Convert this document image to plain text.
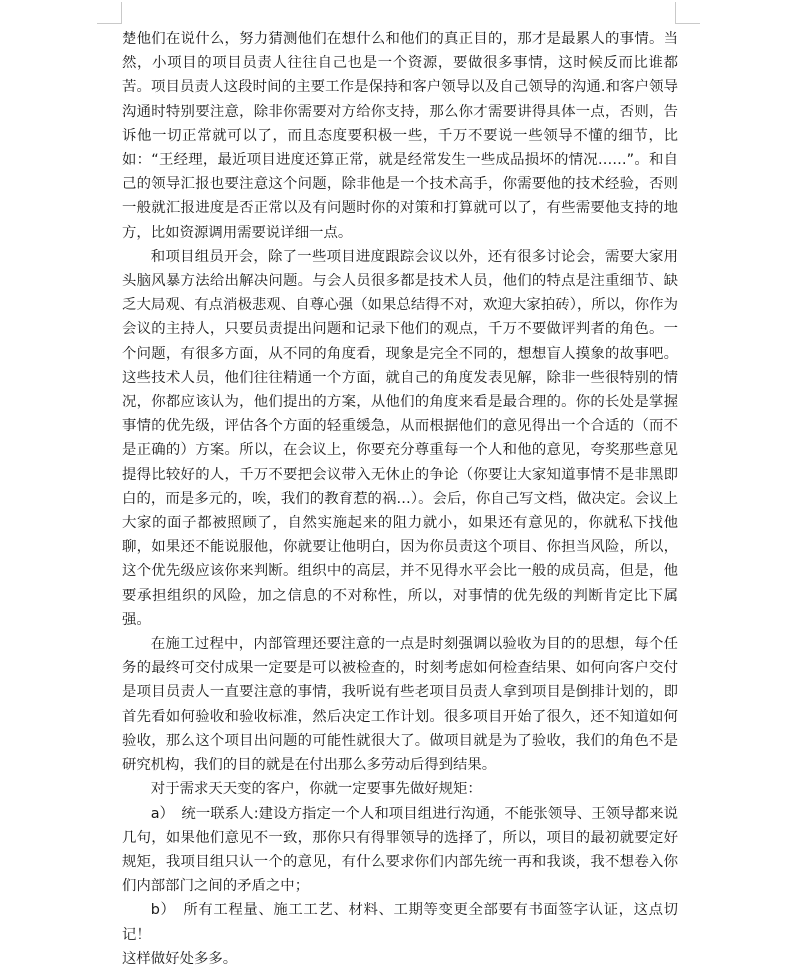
楚他们在说什么，努力猜测他们在想什么和他们的真正目的，那才是最累人的事情。当然，小项目的项目员责人往往自己也是一个资源，要做很多事情，这时候反而比谁都苦。项目员责人这段时间的主要工作是保持和客户领导以及自己领导的沟通.和客户领导沟通时特别要注意，除非你需要对方给你支持，那么你才需要讲得具体一点，否则，告诉他一切正常就可以了，而且态度要积极一些，千万不要说一些领导不懂的细节，比如：“王经理，最近项目进度还算正常，就是经常发生一些成品损坏的情况……”。和自己的领导汇报也要注意这个问题，除非他是一个技术高手，你需要他的技术经验，否则一般就汇报进度是否正常以及有问题时你的对策和打算就可以了，有些需要他支持的地方，比如资源调用需要说详细一点。

和项目组员开会，除了一些项目进度跟踪会议以外，还有很多讨论会，需要大家用头脑风暴方法给出解决问题。与会人员很多都是技术人员，他们的特点是注重细节、缺乏大局观、有点消极悲观、自尊心强（如果总结得不对，欢迎大家拍砖），所以，你作为会议的主持人，只要员责提出问题和记录下他们的观点，千万不要做评判者的角色。一个问题，有很多方面，从不同的角度看，现象是完全不同的，想想盲人摸象的故事吧。这些技术人员，他们往往精通一个方面，就自己的角度发表见解，除非一些很特别的情况，你都应该认为，他们提出的方案，从他们的角度来看是最合理的。你的长处是掌握事情的优先级，评估各个方面的轻重缓急，从而根据他们的意见得出一个合适的（而不是正确的）方案。所以，在会议上，你要充分尊重每一个人和他的意见，夸奖那些意见提得比较好的人，千万不要把会议带入无休止的争论（你要让大家知道事情不是非黑即白的，而是多元的，唉，我们的教育惹的祸…）。会后，你自己写文档，做决定。会议上大家的面子都被照顾了，自然实施起来的阻力就小，如果还有意见的，你就私下找他聊，如果还不能说服他，你就要让他明白，因为你员责这个项目、你担当风险，所以，这个优先级应该你来判断。组织中的高层，并不见得水平会比一般的成员高，但是，他要承担组织的风险，加之信息的不对称性，所以，对事情的优先级的判断肯定比下属强。

在施工过程中，内部管理还要注意的一点是时刻强调以验收为目的的思想，每个任务的最终可交付成果一定要是可以被检查的，时刻考虑如何检查结果、如何向客户交付是项目员责人一直要注意的事情，我听说有些老项目员责人拿到项目是倒排计划的，即首先看如何验收和验收标准，然后决定工作计划。很多项目开始了很久，还不知道如何验收，那么这个项目出问题的可能性就很大了。做项目就是为了验收，我们的角色不是研究机构，我们的目的就是在付出那么多劳动后得到结果。

对于需求天天变的客户，你就一定要事先做好规矩：

a）　统一联系人:建设方指定一个人和项目组进行沟通，不能张领导、王领导都来说几句，如果他们意见不一致，那你只有得罪领导的选择了，所以，项目的最初就要定好规矩，我项目组只认一个的意见，有什么要求你们内部先统一再和我谈，我不想卷入你们内部部门之间的矛盾之中；

b）　所有工程量、施工工艺、材料、工期等变更全部要有书面签字认证，这点切记！

这样做好处多多。
